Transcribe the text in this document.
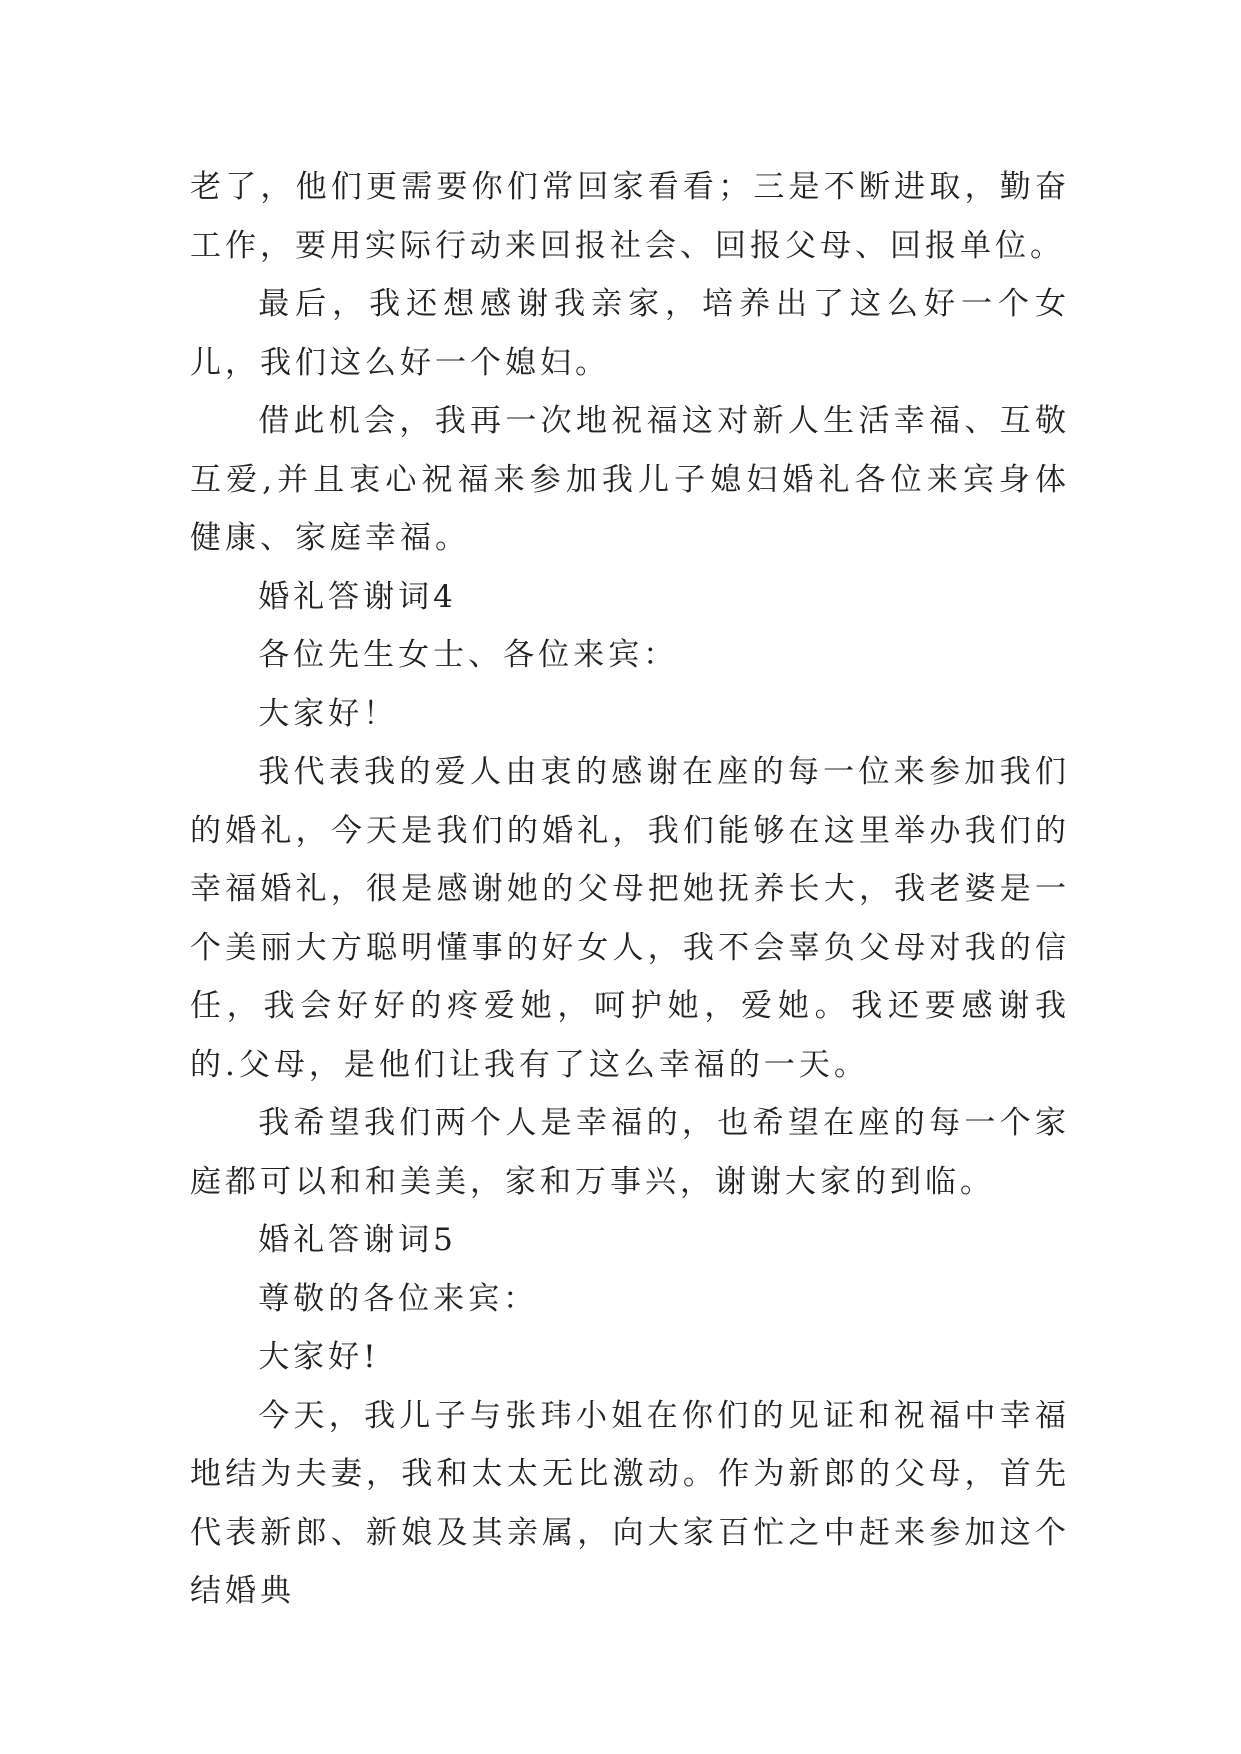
老了，他们更需要你们常回家看看；三是不断进取，勤奋工作，要用实际行动来回报社会、回报父母、回报单位。

最后，我还想感谢我亲家，培养出了这么好一个女儿，我们这么好一个媳妇。

借此机会，我再一次地祝福这对新人生活幸福、互敬互爱,并且衷心祝福来参加我儿子媳妇婚礼各位来宾身体健康、家庭幸福。

婚礼答谢词4

各位先生女士、各位来宾：

大家好！

我代表我的爱人由衷的感谢在座的每一位来参加我们的婚礼，今天是我们的婚礼，我们能够在这里举办我们的幸福婚礼，很是感谢她的父母把她抚养长大，我老婆是一个美丽大方聪明懂事的好女人，我不会辜负父母对我的信任，我会好好的疼爱她，呵护她，爱她。我还要感谢我的.父母，是他们让我有了这么幸福的一天。

我希望我们两个人是幸福的，也希望在座的每一个家庭都可以和和美美，家和万事兴，谢谢大家的到临。

婚礼答谢词5

尊敬的各位来宾：

大家好!

今天，我儿子与张玮小姐在你们的见证和祝福中幸福地结为夫妻，我和太太无比激动。作为新郎的父母，首先代表新郎、新娘及其亲属，向大家百忙之中赶来参加这个结婚典
